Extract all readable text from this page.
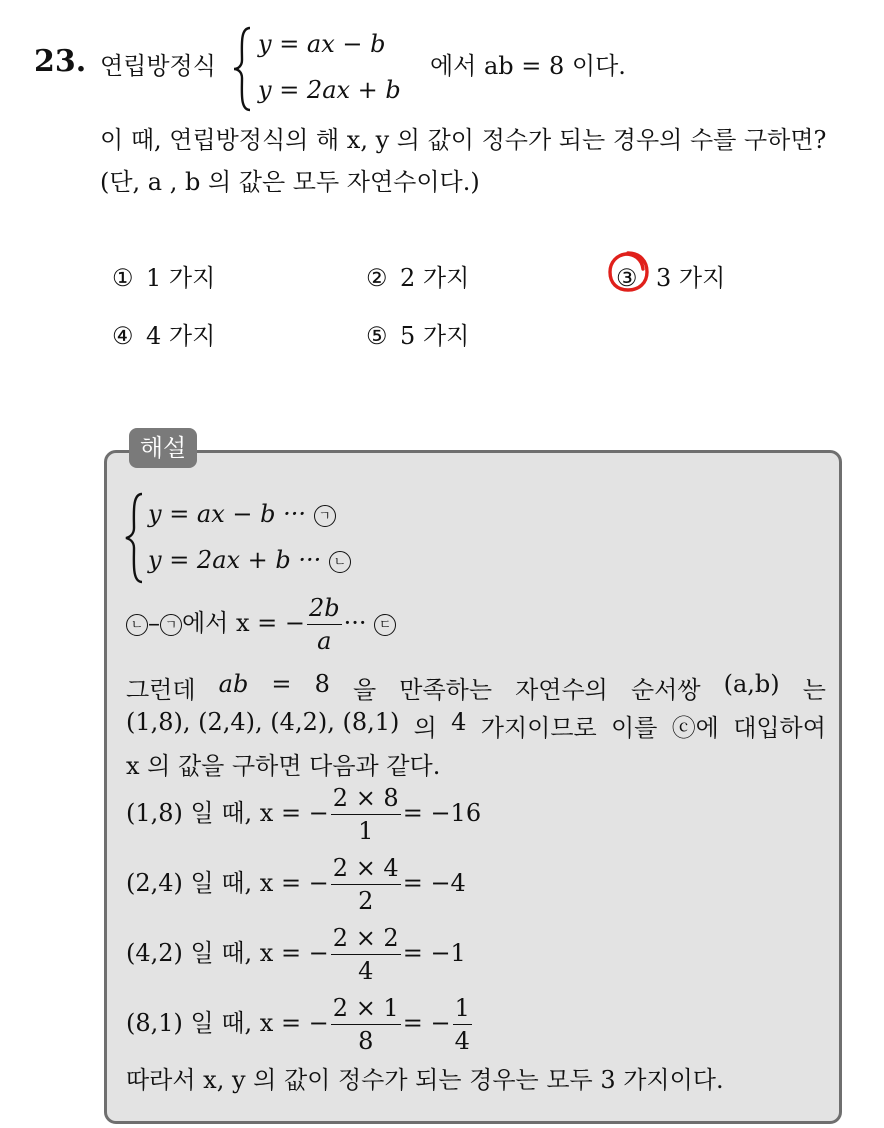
23. 연립방정식
y = ax − b
y = 2ax + b
에서 ab = 8 이다.
이 때, 연립방정식의 해 x, y 의 값이 정수가 되는 경우의 수를 구하면?
(단, a , b 의 값은 모두 자연수이다.)
① 1 가지	② 2 가지	③ 3 가지
④ 4 가지	⑤ 5 가지
해설
y = ax − b ··· ㄱ
y = 2ax + b ··· ㄴ
ㄴ – ㄱ 에서 x = − $\frac{2b}{a}$ ··· ㄷ
그런데 ab = 8 을 만족하는 자연수의 순서쌍 (a,b) 는
(1,8), (2,4), (4,2), (8,1) 의 4 가지이므로 이를 ⓒ에 대입하여
x 의 값을 구하면 다음과 같다.
(1,8) 일 때, x = − $\frac{2 \times 8}{1} = -16$
(2,4) 일 때, x = − $\frac{2 \times 4}{2} = -4$
(4,2) 일 때, x = − $\frac{2 \times 2}{4} = -1$
(8,1) 일 때, x = − $\frac{2 \times 1}{8}$ = − $\frac{1}{4}$
따라서 x, y 의 값이 정수가 되는 경우는 모두 3 가지이다.
